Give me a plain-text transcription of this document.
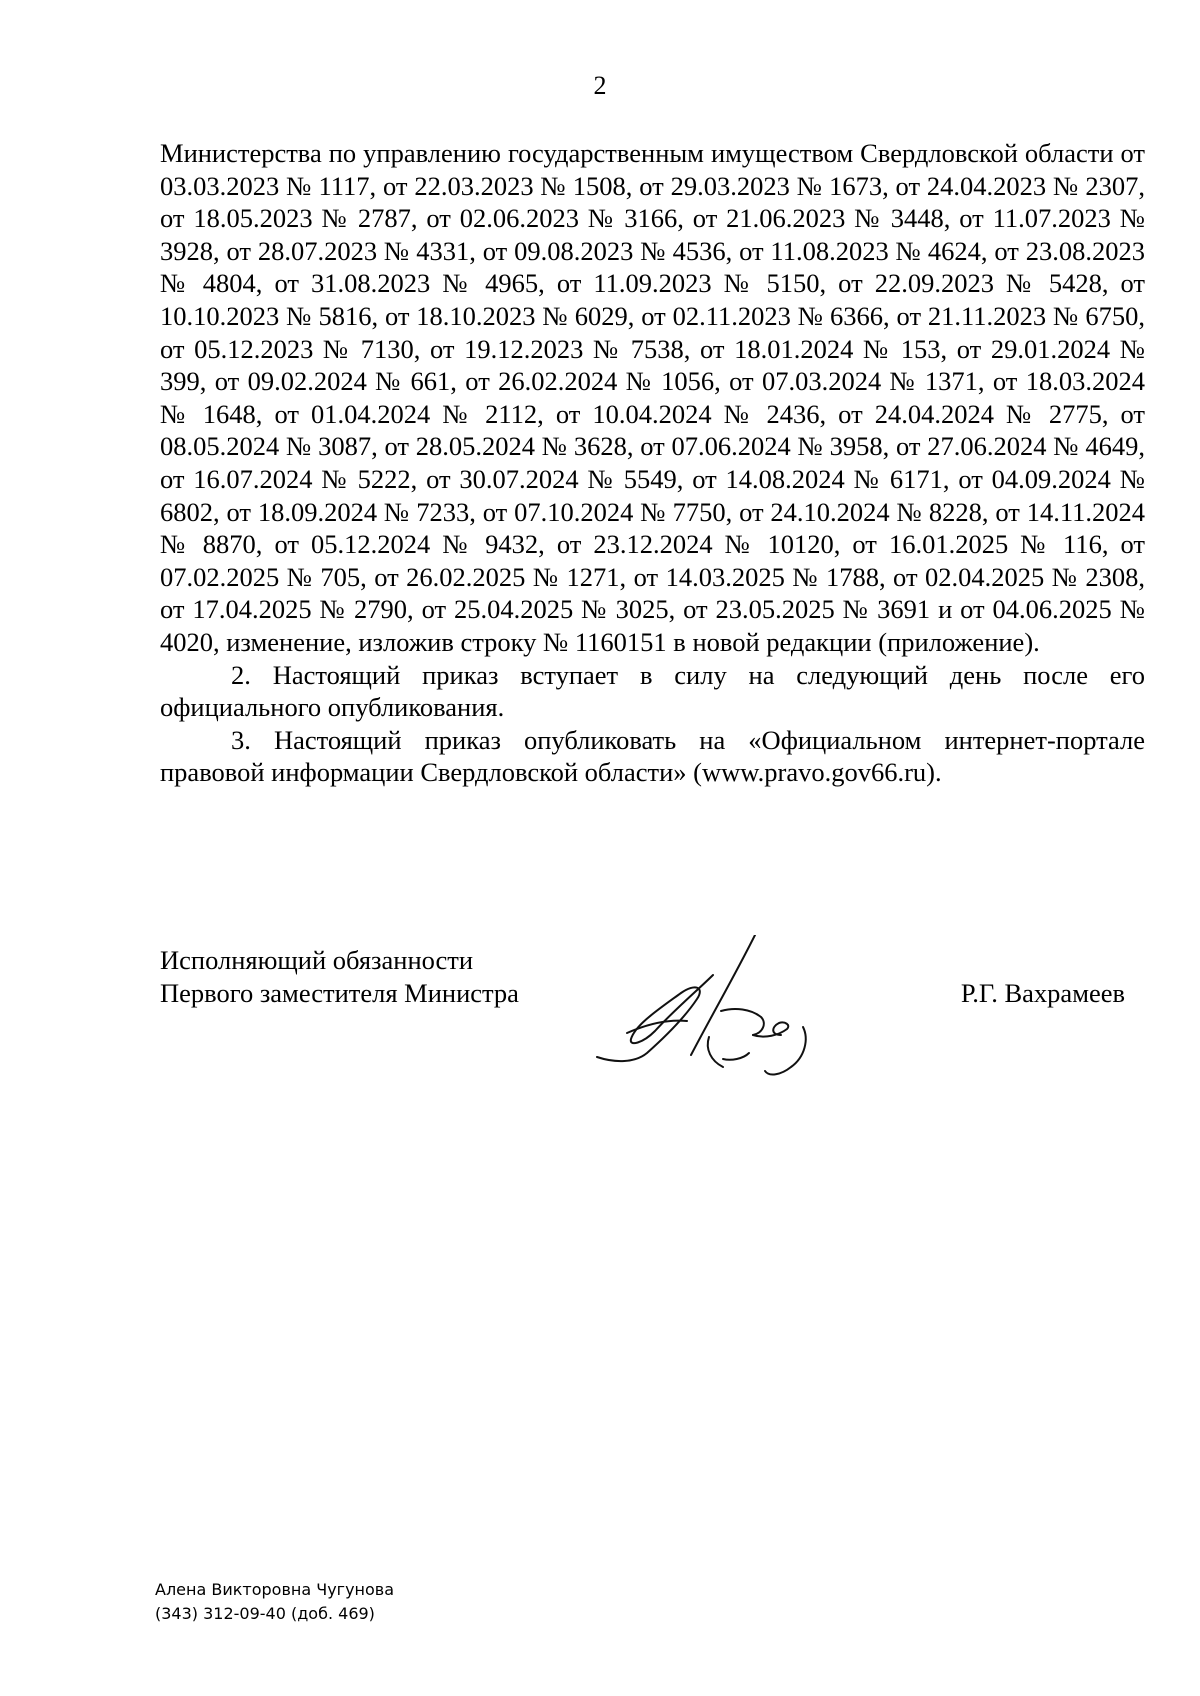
2

Министерства по управлению государственным имуществом Свердловской области от 03.03.2023 № 1117, от 22.03.2023 № 1508, от 29.03.2023 № 1673, от 24.04.2023 № 2307, от 18.05.2023 № 2787, от 02.06.2023 № 3166, от 21.06.2023 № 3448, от 11.07.2023 № 3928, от 28.07.2023 № 4331, от 09.08.2023 № 4536, от 11.08.2023 № 4624, от 23.08.2023 № 4804, от 31.08.2023 № 4965, от 11.09.2023 № 5150, от 22.09.2023 № 5428, от 10.10.2023 № 5816, от 18.10.2023 № 6029, от 02.11.2023 № 6366, от 21.11.2023 № 6750, от 05.12.2023 № 7130, от 19.12.2023 № 7538, от 18.01.2024 № 153, от 29.01.2024 № 399, от 09.02.2024 № 661, от 26.02.2024 № 1056, от 07.03.2024 № 1371, от 18.03.2024 № 1648, от 01.04.2024 № 2112, от 10.04.2024 № 2436, от 24.04.2024 № 2775, от 08.05.2024 № 3087, от 28.05.2024 № 3628, от 07.06.2024 № 3958, от 27.06.2024 № 4649, от 16.07.2024 № 5222, от 30.07.2024 № 5549, от 14.08.2024 № 6171, от 04.09.2024 № 6802, от 18.09.2024 № 7233, от 07.10.2024 № 7750, от 24.10.2024 № 8228, от 14.11.2024 № 8870, от 05.12.2024 № 9432, от 23.12.2024 № 10120, от 16.01.2025 № 116, от 07.02.2025 № 705, от 26.02.2025 № 1271, от 14.03.2025 № 1788, от 02.04.2025 № 2308, от 17.04.2025 № 2790, от 25.04.2025 № 3025, от 23.05.2025 № 3691 и от 04.06.2025 № 4020, изменение, изложив строку № 1160151 в новой редакции (приложение).

2. Настоящий приказ вступает в силу на следующий день после его официального опубликования.

3. Настоящий приказ опубликовать на «Официальном интернет-портале правовой информации Свердловской области» (www.pravo.gov66.ru).

Исполняющий обязанности
Первого заместителя Министра	Р.Г. Вахрамеев
Алена Викторовна Чугунова
(343) 312-09-40 (доб. 469)
